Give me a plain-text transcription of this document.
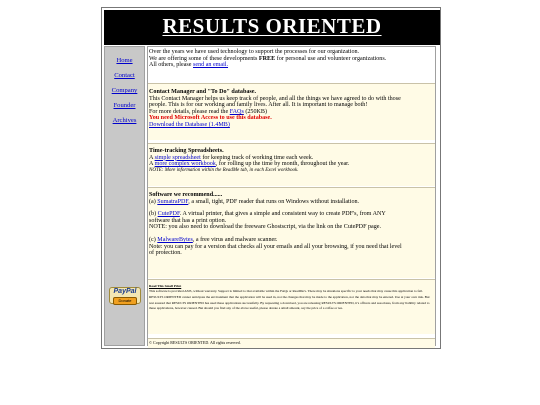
RESULTS ORIENTED
Home
Contact
Company
Founder
Archives
PayPal
Donate
Over the years we have used technology to support the processes for our organization.
We are offering some of these developments FREE for personal use and volunteer organizations.
All others, please send an email.
Contact Manager and "To Do" database.
This Contact Manager helps us keep track of people, and all the things we have agreed to do with those
people. This is for our working and family lives. After all. It is important to manage both!
For more details, please read the FAQs (250KB)
You need Microsoft Access to use this database.
Download the Database (1.4MB)
Time-tracking Spreadsheets.
A simple spreadsheet for keeping track of working time each week.
A more complex workbook, for rolling up the time by month, throughout the year.
NOTE: More information within the ReadMe tab, in each Excel workbook.
Software we recommend......
(a) SumatraPDF, a small, tight, PDF reader that runs on Windows without installation.
(b) CutePDF. A virtual printer, that gives a simple and consistent way to create PDF's, from ANY
software that has a print option.
NOTE: you also need to download the freeware Ghostscript, via the link on the CutePDF page.
(c) MalwareBytes, a free virus and malware scanner.
Note: you can pay for a version that checks all your emails and all your browsing, if you need that level
of protection.
Read This Small Print
This software is provided ASIS, without warranty. Support is limited to that available within the FAQs or ReadMe's. There may be situations specific to your needs that may cause this application to fail. RESULTS ORIENTED cannot anticipate the environment that the application will be used in, nor the changes that may be made to the application, nor the data that may be entered. Use at your own risk. But rest assured that RESULTS ORIENTED has used these applications successfully. By requesting a download, you are releasing RESULTS ORIENTED, it's officers and associates, from any liability related to these applications, however caused. But should you find any of the above useful, please donate a small amount, say the price of a coffee or tea.
© Copyright RESULTS ORIENTED. All rights reserved.
